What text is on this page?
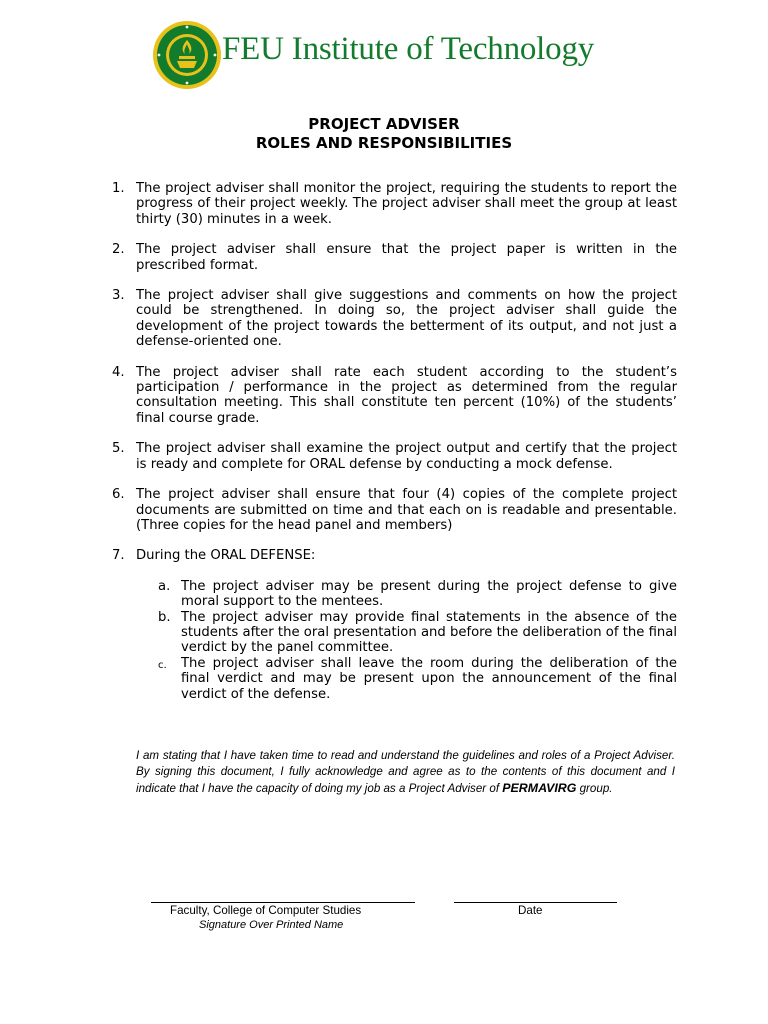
FEU Institute of Technology
PROJECT ADVISER
ROLES AND RESPONSIBILITIES
1. The project adviser shall monitor the project, requiring the students to report the progress of their project weekly. The project adviser shall meet the group at least thirty (30) minutes in a week.
2. The project adviser shall ensure that the project paper is written in the prescribed format.
3. The project adviser shall give suggestions and comments on how the project could be strengthened. In doing so, the project adviser shall guide the development of the project towards the betterment of its output, and not just a defense-oriented one.
4. The project adviser shall rate each student according to the student’s participation / performance in the project as determined from the regular consultation meeting. This shall constitute ten percent (10%) of the students’ final course grade.
5. The project adviser shall examine the project output and certify that the project is ready and complete for ORAL defense by conducting a mock defense.
6. The project adviser shall ensure that four (4) copies of the complete project documents are submitted on time and that each on is readable and presentable. (Three copies for the head panel and members)
7. During the ORAL DEFENSE:
a. The project adviser may be present during the project defense to give moral support to the mentees.
b. The project adviser may provide final statements in the absence of the students after the oral presentation and before the deliberation of the final verdict by the panel committee.
c. The project adviser shall leave the room during the deliberation of the final verdict and may be present upon the announcement of the final verdict of the defense.
I am stating that I have taken time to read and understand the guidelines and roles of a Project Adviser. By signing this document, I fully acknowledge and agree as to the contents of this document and I indicate that I have the capacity of doing my job as a Project Adviser of PERMAVIRG group.
Faculty, College of Computer Studies	Date
Signature Over Printed Name
